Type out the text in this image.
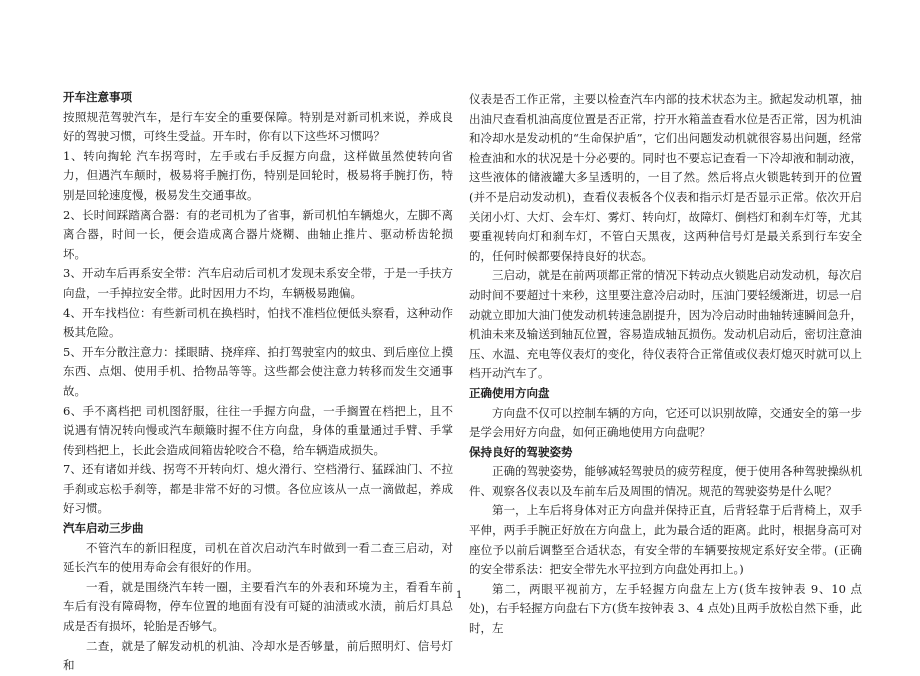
开车注意事项

按照规范驾驶汽车，是行车安全的重要保障。特别是对新司机来说，养成良好的驾驶习惯，可终生受益。开车时，你有以下这些坏习惯吗？

1、转向掏轮 汽车拐弯时，左手或右手反握方向盘，这样做虽然使转向省力，但遇汽车颠时，极易将手腕打伤，特别是回轮时，极易将手腕打伤，特别是回轮速度慢，极易发生交通事故。

2、长时间踩踏离合器：有的老司机为了省事，新司机怕车辆熄火，左脚不离离合器，时间一长，便会造成离合器片烧糊、曲轴止推片、驱动桥齿轮损坏。

3、开动车后再系安全带：汽车启动后司机才发现未系安全带，于是一手扶方向盘，一手掉拉安全带。此时因用力不均，车辆极易跑偏。

4、开车找档位：有些新司机在换档时，怕找不准档位便低头察看，这种动作极其危险。

5、开车分散注意力：揉眼睛、挠痒痒、拍打驾驶室内的蚊虫、到后座位上摸东西、点烟、使用手机、拾物品等等。这些都会使注意力转移而发生交通事故。

6、手不离档把 司机图舒服，往往一手握方向盘，一手搁置在档把上，且不说遇有情况转向慢或汽车颠簸时握不住方向盘，身体的重量通过手臂、手掌传到档把上，长此会造成间箱齿轮咬合不稳，给车辆造成损失。

7、还有诸如并线、拐弯不开转向灯、熄火滑行、空档滑行、猛踩油门、不拉手刹或忘松手刹等，都是非常不好的习惯。各位应该从一点一滴做起，养成好习惯。

汽车启动三步曲

不管汽车的新旧程度，司机在首次启动汽车时做到一看二查三启动，对延长汽车的使用寿命会有很好的作用。

一看，就是围绕汽车转一圈，主要看汽车的外表和环境为主，看看车前车后有没有障碍物，停车位置的地面有没有可疑的油渍或水渍，前后灯具总成是否有损坏，轮胎是否够气。

二查，就是了解发动机的机油、冷却水是否够量，前后照明灯、信号灯和

仪表是否工作正常，主要以检查汽车内部的技术状态为主。掀起发动机罩，抽出油尺查看机油高度位置是否正常，拧开水箱盖查看水位是否正常，因为机油和冷却水是发动机的“生命保护盾”，它们出问题发动机就很容易出问题，经常检查油和水的状况是十分必要的。同时也不要忘记查看一下冷却液和制动液，这些液体的储液罐大多呈透明的，一目了然。然后将点火锁匙转到开的位置(并不是启动发动机)，查看仪表板各个仪表和指示灯是否显示正常。依次开启关闭小灯、大灯、会车灯、雾灯、转向灯，故障灯、倒档灯和刹车灯等，尤其要重视转向灯和刹车灯，不管白天黑夜，这两种信号灯是最关系到行车安全的，任何时候都要保持良好的状态。

三启动，就是在前两项都正常的情况下转动点火锁匙启动发动机，每次启动时间不要超过十来秒，这里要注意冷启动时，压油门要轻缓渐进，切忌一启动就立即加大油门使发动机转速急剧提升，因为冷启动时曲轴转速瞬间急升，机油未来及输送到轴瓦位置，容易造成轴瓦损伤。发动机启动后，密切注意油压、水温、充电等仪表灯的变化，待仪表符合正常值或仪表灯熄灭时就可以上档开动汽车了。

正确使用方向盘

方向盘不仅可以控制车辆的方向，它还可以识别故障，交通安全的第一步是学会用好方向盘，如何正确地使用方向盘呢？

保持良好的驾驶姿势

正确的驾驶姿势，能够减轻驾驶员的疲劳程度，便于使用各种驾驶操纵机件、观察各仪表以及车前车后及周围的情况。规范的驾驶姿势是什么呢？

第一，上车后将身体对正方向盘并保持正直，后背轻靠于后背椅上，双手平伸，两手手腕正好放在方向盘上，此为最合适的距离。此时，根据身高可对座位予以前后调整至合适状态，有安全带的车辆要按规定系好安全带。(正确的安全带系法：把安全带先水平拉到方向盘处再扣上。)

第二，两眼平视前方，左手轻握方向盘左上方(货车按钟表 9、10 点处)，右手轻握方向盘右下方(货车按钟表 3、4 点处)且两手放松自然下垂，此时，左

1
